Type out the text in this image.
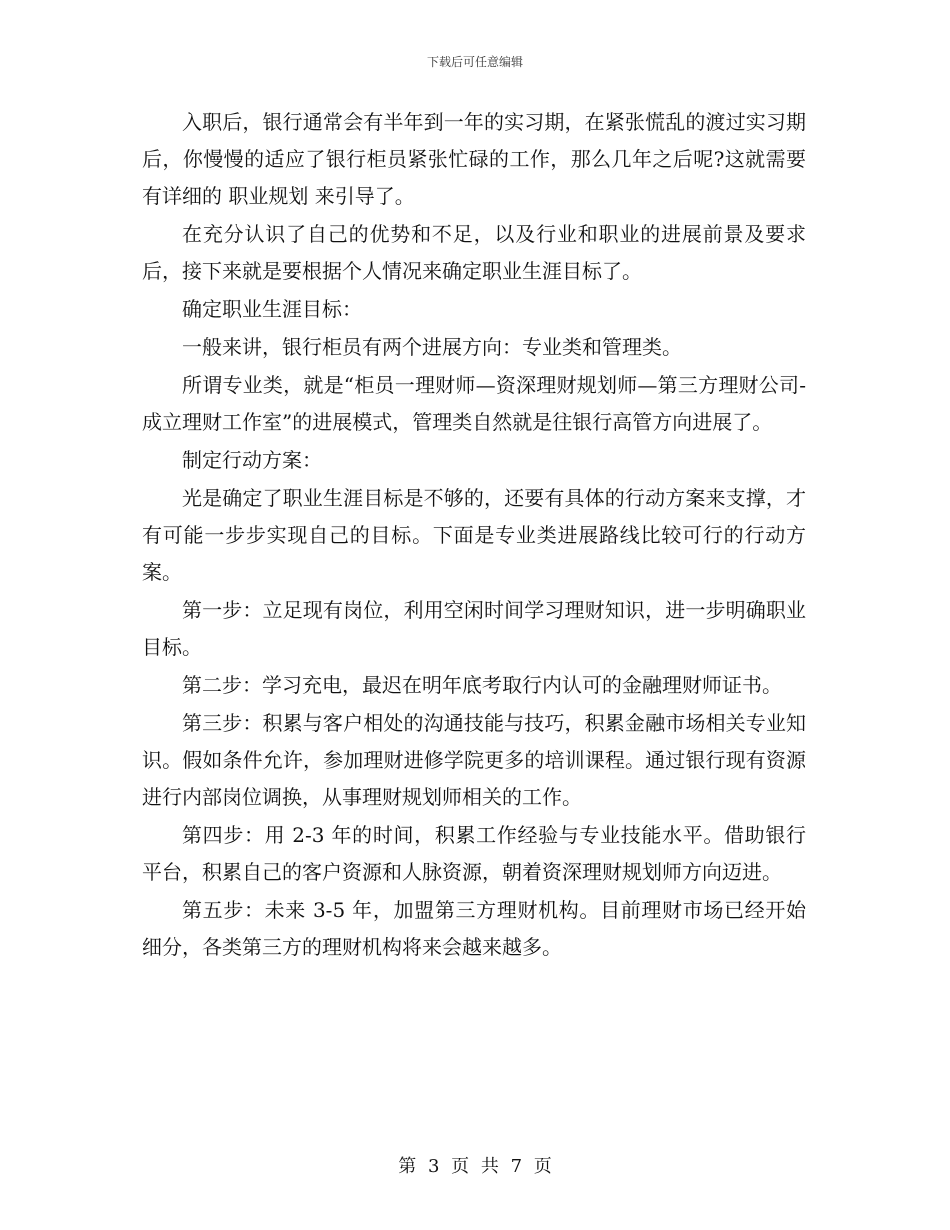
下载后可任意编辑

入职后，银行通常会有半年到一年的实习期，在紧张慌乱的渡过实习期后，你慢慢的适应了银行柜员紧张忙碌的工作，那么几年之后呢?这就需要有详细的 职业规划 来引导了。

在充分认识了自己的优势和不足，以及行业和职业的进展前景及要求后，接下来就是要根据个人情况来确定职业生涯目标了。

确定职业生涯目标：

一般来讲，银行柜员有两个进展方向：专业类和管理类。

所谓专业类，就是“柜员一理财师—资深理财规划师—第三方理财公司-成立理财工作室”的进展模式，管理类自然就是往银行高管方向进展了。

制定行动方案：

光是确定了职业生涯目标是不够的，还要有具体的行动方案来支撑，才有可能一步步实现自己的目标。下面是专业类进展路线比较可行的行动方案。

第一步：立足现有岗位，利用空闲时间学习理财知识，进一步明确职业目标。

第二步：学习充电，最迟在明年底考取行内认可的金融理财师证书。

第三步：积累与客户相处的沟通技能与技巧，积累金融市场相关专业知识。假如条件允许，参加理财进修学院更多的培训课程。通过银行现有资源进行内部岗位调换，从事理财规划师相关的工作。

第四步：用 2-3 年的时间，积累工作经验与专业技能水平。借助银行平台，积累自己的客户资源和人脉资源，朝着资深理财规划师方向迈进。

第五步：未来 3-5 年，加盟第三方理财机构。目前理财市场已经开始细分，各类第三方的理财机构将来会越来越多。

第 3 页 共 7 页
